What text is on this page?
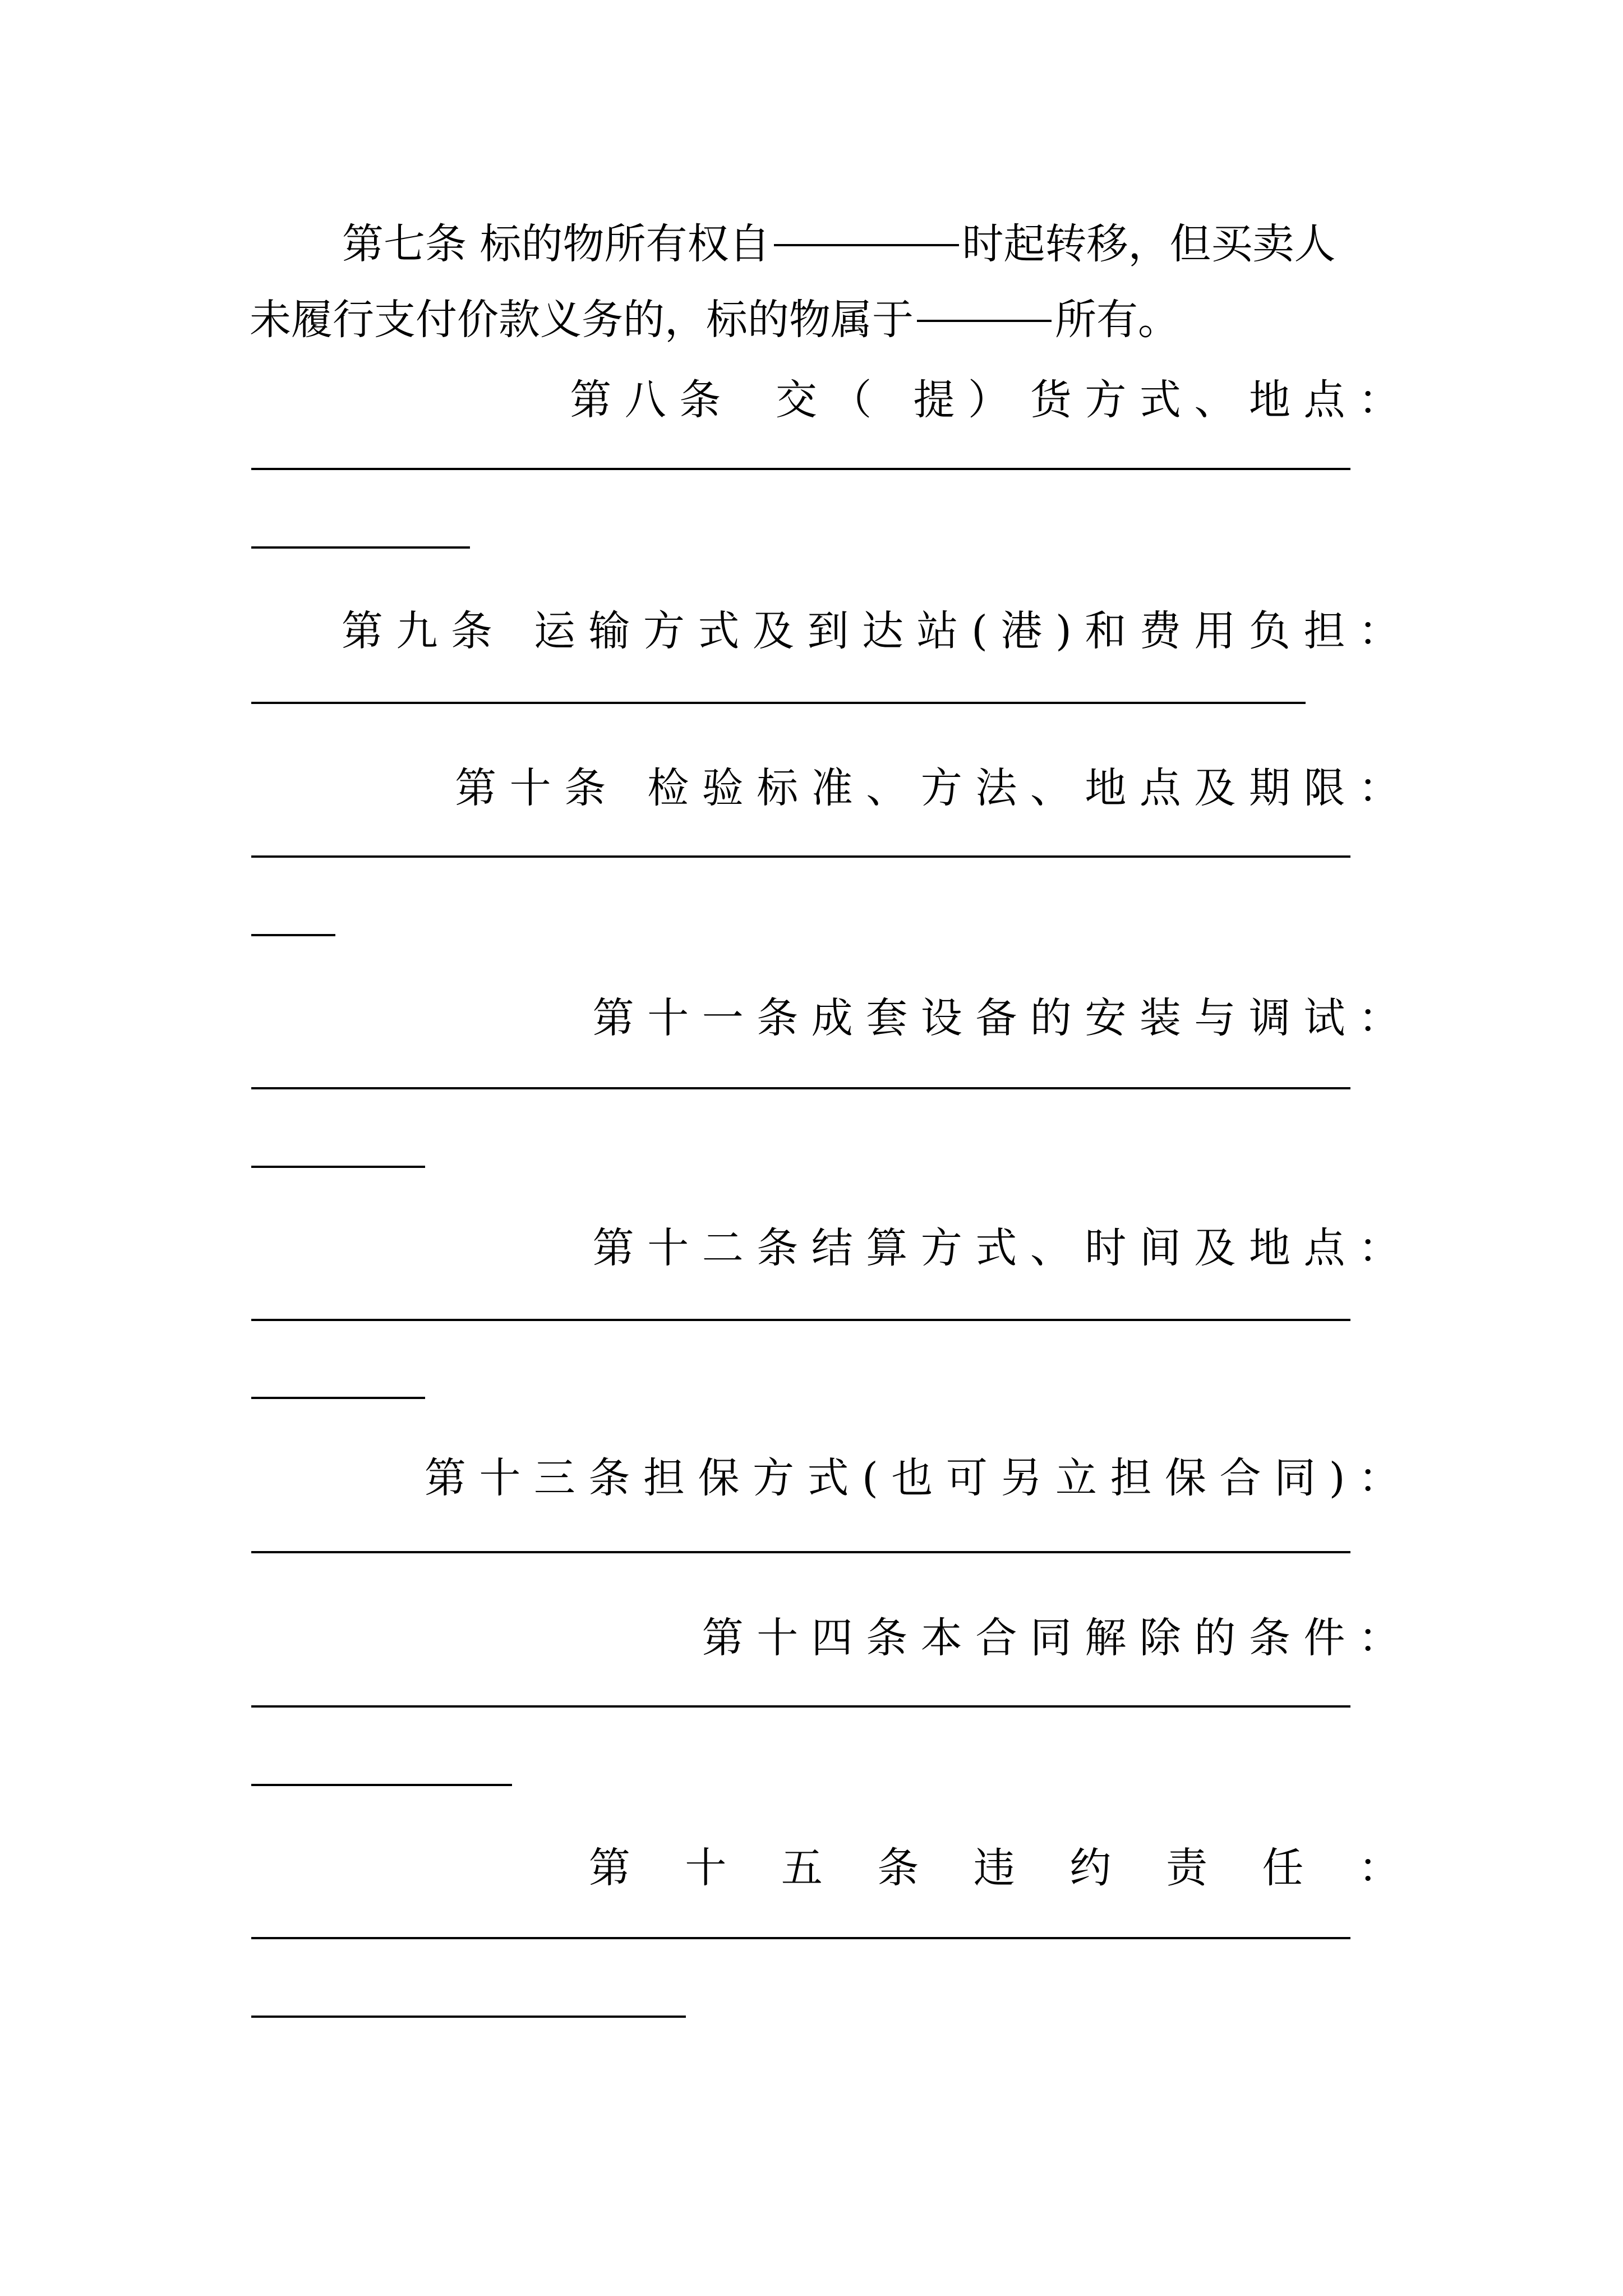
第七条 标的物所有权自	时起转移，但买卖人
未履行支付价款义务的，标的物属于	所有。
第 八 条　 交 （　提 ）　货 方 式 、 地 点 ：
第 九 条　运 输 方 式 及 到 达 站 ( 港 ) 和 费 用 负 担 ：
第 十 条　检 验 标 准 、 方 法 、 地 点 及 期 限 ：
第 十 一 条 成 套 设 备 的 安 装 与 调 试 ：
第 十 二 条 结 算 方 式 、 时 间 及 地 点 ：
第 十 三 条 担 保 方 式 ( 也 可 另 立 担 保 合 同 ) ：
第 十 四 条 本 合 同 解 除 的 条 件 ：
第　 十　 五　 条　 违　 约　 责　 任　 ：
